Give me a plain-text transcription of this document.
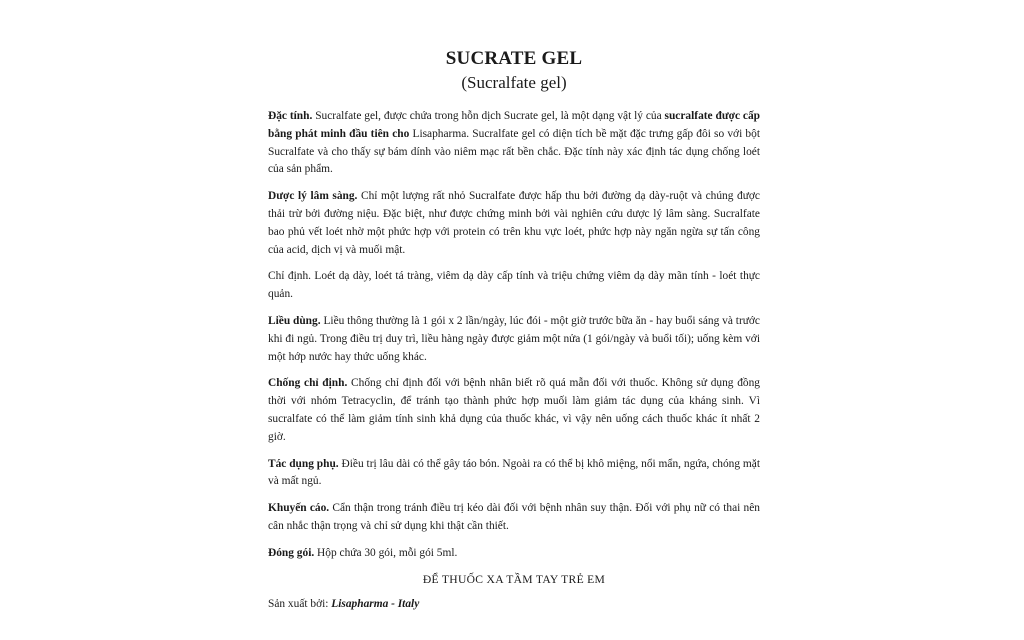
SUCRATE GEL
(Sucralfate gel)

Đặc tính. Sucralfate gel, được chứa trong hỗn dịch Sucrate gel, là một dạng vật lý của sucralfate được cấp bằng phát minh đầu tiên cho Lisapharma. Sucralfate gel có diện tích bề mặt đặc trưng gấp đôi so với bột Sucralfate và cho thấy sự bám dính vào niêm mạc rất bền chắc. Đặc tính này xác định tác dụng chống loét của sản phẩm.

Dược lý lâm sàng. Chỉ một lượng rất nhỏ Sucralfate được hấp thu bởi đường dạ dày-ruột và chúng được thải trừ bởi đường niệu. Đặc biệt, như được chứng minh bởi vài nghiên cứu dược lý lâm sàng. Sucralfate bao phủ vết loét nhờ một phức hợp với protein có trên khu vực loét, phức hợp này ngăn ngừa sự tấn công của acid, dịch vị và muối mật.

Chỉ định. Loét dạ dày, loét tá tràng, viêm dạ dày cấp tính và triệu chứng viêm dạ dày mãn tính - loét thực quản.

Liều dùng. Liều thông thường là 1 gói x 2 lần/ngày, lúc đói - một giờ trước bữa ăn - hay buổi sáng và trước khi đi ngủ. Trong điều trị duy trì, liều hàng ngày được giảm một nửa (1 gói/ngày và buổi tối); uống kèm với một hớp nước hay thức uống khác.

Chống chỉ định. Chống chỉ định đối với bệnh nhân biết rõ quá mẫn đối với thuốc. Không sử dụng đồng thời với nhóm Tetracyclin, để tránh tạo thành phức hợp muối làm giảm tác dụng của kháng sinh. Vì sucralfate có thể làm giảm tính sinh khả dụng của thuốc khác, vì vậy nên uống cách thuốc khác ít nhất 2 giờ.

Tác dụng phụ. Điều trị lâu dài có thể gây táo bón. Ngoài ra có thể bị khô miệng, nổi mẩn, ngứa, chóng mặt và mất ngủ.

Khuyến cáo. Cẩn thận trong tránh điều trị kéo dài đối với bệnh nhân suy thận. Đối với phụ nữ có thai nên cân nhắc thận trọng và chỉ sử dụng khi thật cần thiết.

Đóng gói. Hộp chứa 30 gói, mỗi gói 5ml.

ĐỂ THUỐC XA TẦM TAY TRẺ EM
Sản xuất bởi: Lisapharma - Italy
